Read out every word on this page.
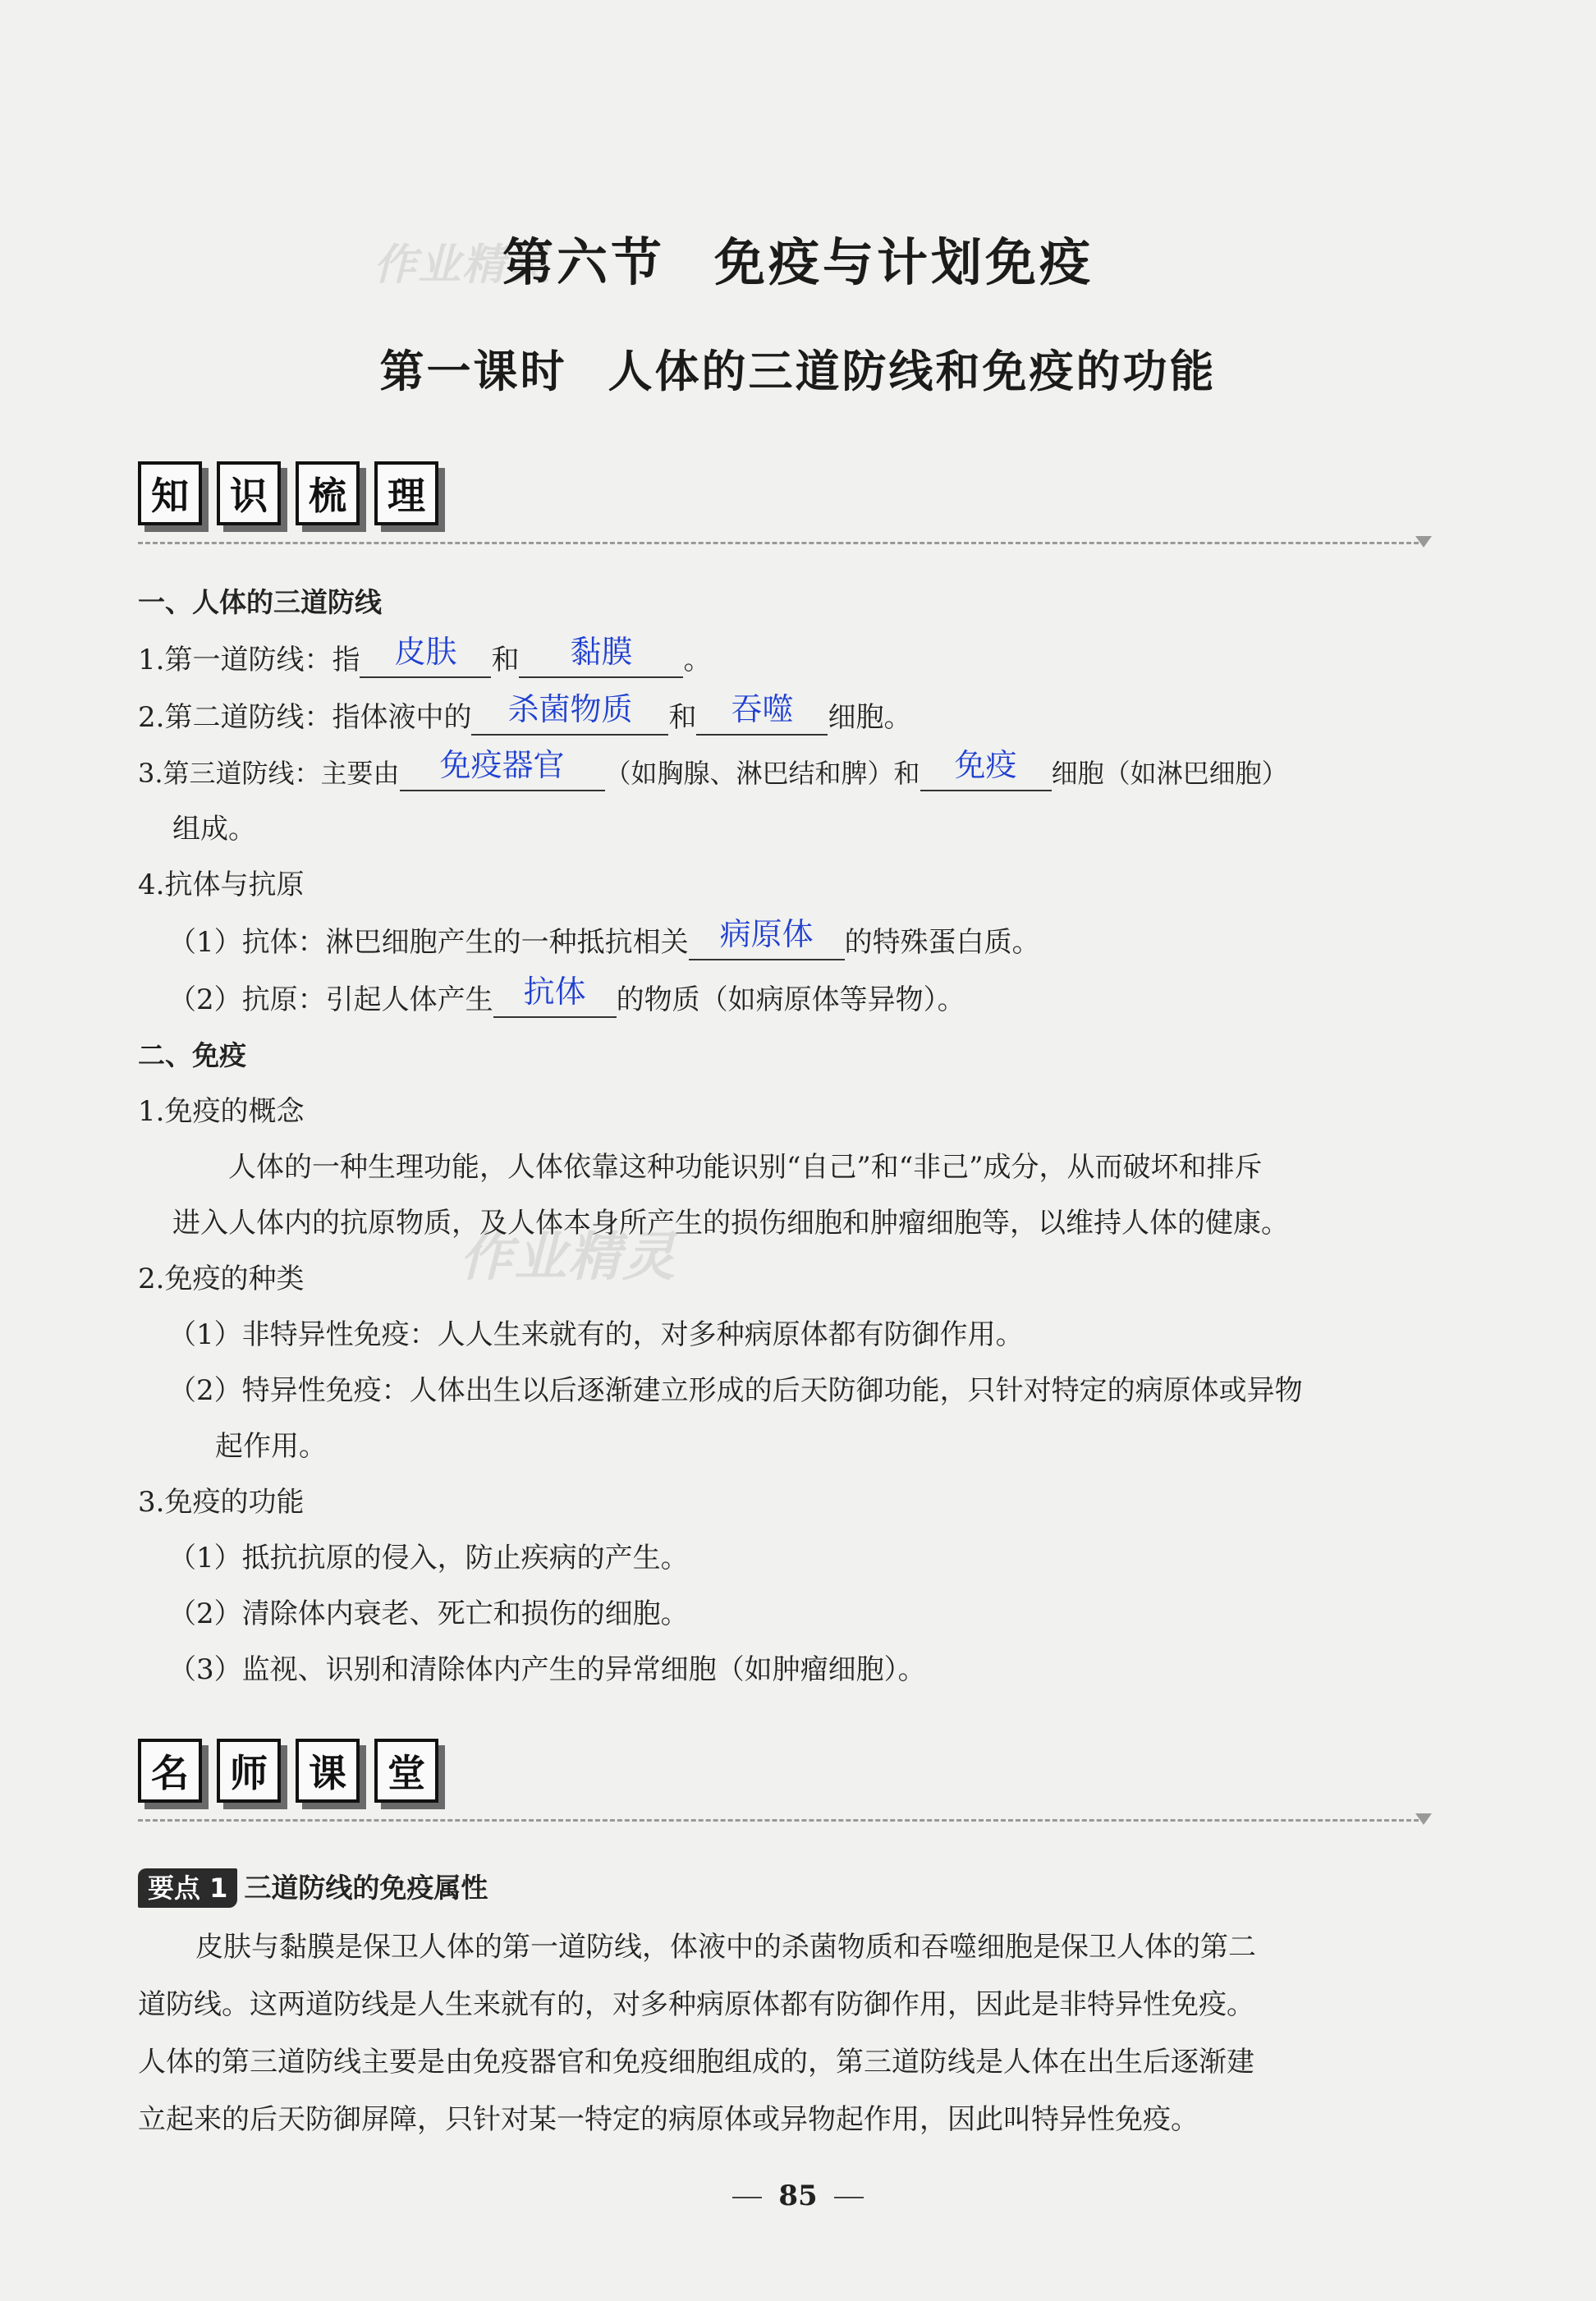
作业精灵
作业精灵
第六节 免疫与计划免疫
第一课时 人体的三道防线和免疫的功能
知	识	梳	理
一、人体的三道防线
1.第一道防线：指	皮肤	和	黏膜	。
2.第二道防线：指体液中的	杀菌物质	和	吞噬	细胞。
3.第三道防线：主要由	免疫器官	（如胸腺、淋巴结和脾）和	免疫	细胞（如淋巴细胞）
组成。
4.抗体与抗原
（1）抗体：淋巴细胞产生的一种抵抗相关 病原体	的特殊蛋白质。
（2）抗原：引起人体产生 抗体	的物质（如病原体等异物）。
二、免疫
1.免疫的概念
人体的一种生理功能，人体依靠这种功能识别“自己”和“非己”成分，从而破坏和排斥
进入人体内的抗原物质，及人体本身所产生的损伤细胞和肿瘤细胞等，以维持人体的健康。
2.免疫的种类
（1）非特异性免疫：人人生来就有的，对多种病原体都有防御作用。
（2）特异性免疫：人体出生以后逐渐建立形成的后天防御功能，只针对特定的病原体或异物
起作用。
3.免疫的功能
（1）抵抗抗原的侵入，防止疾病的产生。
（2）清除体内衰老、死亡和损伤的细胞。
（3）监视、识别和清除体内产生的异常细胞（如肿瘤细胞）。
名	师	课	堂
要点 1 三道防线的免疫属性
皮肤与黏膜是保卫人体的第一道防线，体液中的杀菌物质和吞噬细胞是保卫人体的第二
道防线。这两道防线是人生来就有的，对多种病原体都有防御作用，因此是非特异性免疫。
人体的第三道防线主要是由免疫器官和免疫细胞组成的，第三道防线是人体在出生后逐渐建
立起来的后天防御屏障，只针对某一特定的病原体或异物起作用，因此叫特异性免疫。
85
